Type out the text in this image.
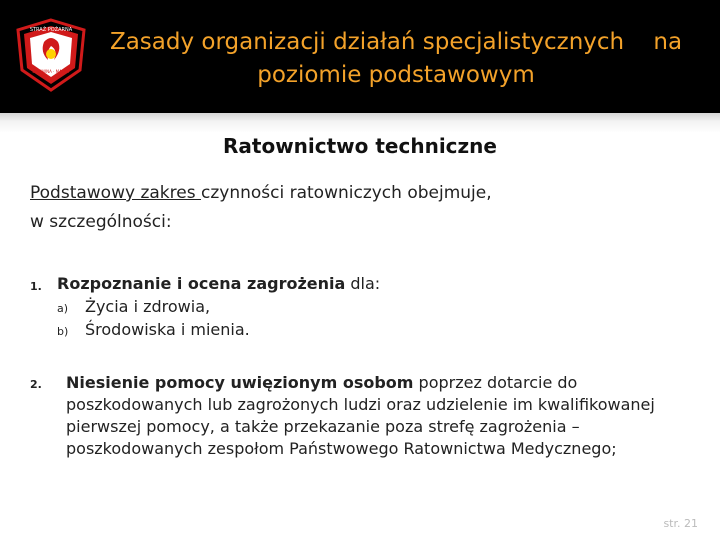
STRAŻ POŻARNA
SPRAWNA · MĄDRY
Zasady organizacji działań specjalistycznych    na
poziomie podstawowym
Ratownictwo techniczne
Podstawowy zakres czynności ratowniczych obejmuje,
w szczególności:
1. Rozpoznanie i ocena zagrożenia dla:
a) Życia i zdrowia,
b) Środowiska i mienia.
2. Niesienie pomocy uwięzionym osobom poprzez dotarcie do
poszkodowanych lub zagrożonych ludzi oraz udzielenie im kwalifikowanej
pierwszej pomocy, a także przekazanie poza strefę zagrożenia –
poszkodowanych zespołom Państwowego Ratownictwa Medycznego;
str. 21
